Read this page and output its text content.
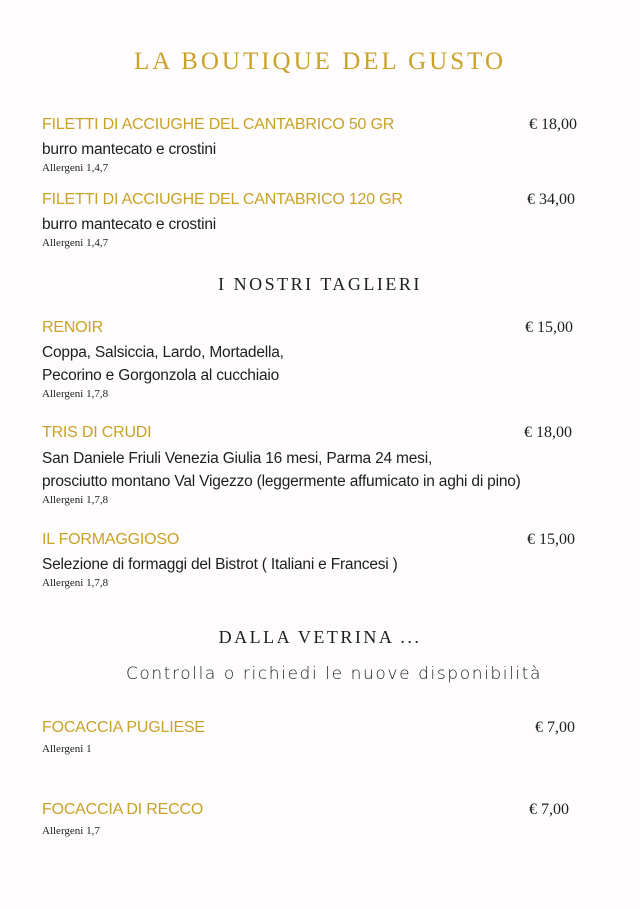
LA BOUTIQUE DEL GUSTO
FILETTI DI ACCIUGHE DEL CANTABRICO 50 GR	€ 18,00
burro mantecato e crostini
Allergeni 1,4,7
FILETTI DI ACCIUGHE DEL CANTABRICO 120 GR	€ 34,00
burro mantecato e crostini
Allergeni 1,4,7
I NOSTRI TAGLIERI
RENOIR	€ 15,00
Coppa, Salsiccia, Lardo, Mortadella,
Pecorino e Gorgonzola al cucchiaio
Allergeni 1,7,8
TRIS DI CRUDI	€ 18,00
San Daniele Friuli Venezia Giulia 16 mesi, Parma 24 mesi,
prosciutto montano Val Vigezzo (leggermente affumicato in aghi di pino)
Allergeni 1,7,8
IL FORMAGGIOSO	€ 15,00
Selezione di formaggi del Bistrot ( Italiani e Francesi )
Allergeni 1,7,8
DALLA VETRINA ...
Controlla o richiedi le nuove disponibilità
FOCACCIA PUGLIESE	€ 7,00
Allergeni 1
FOCACCIA DI RECCO	€ 7,00
Allergeni 1,7
